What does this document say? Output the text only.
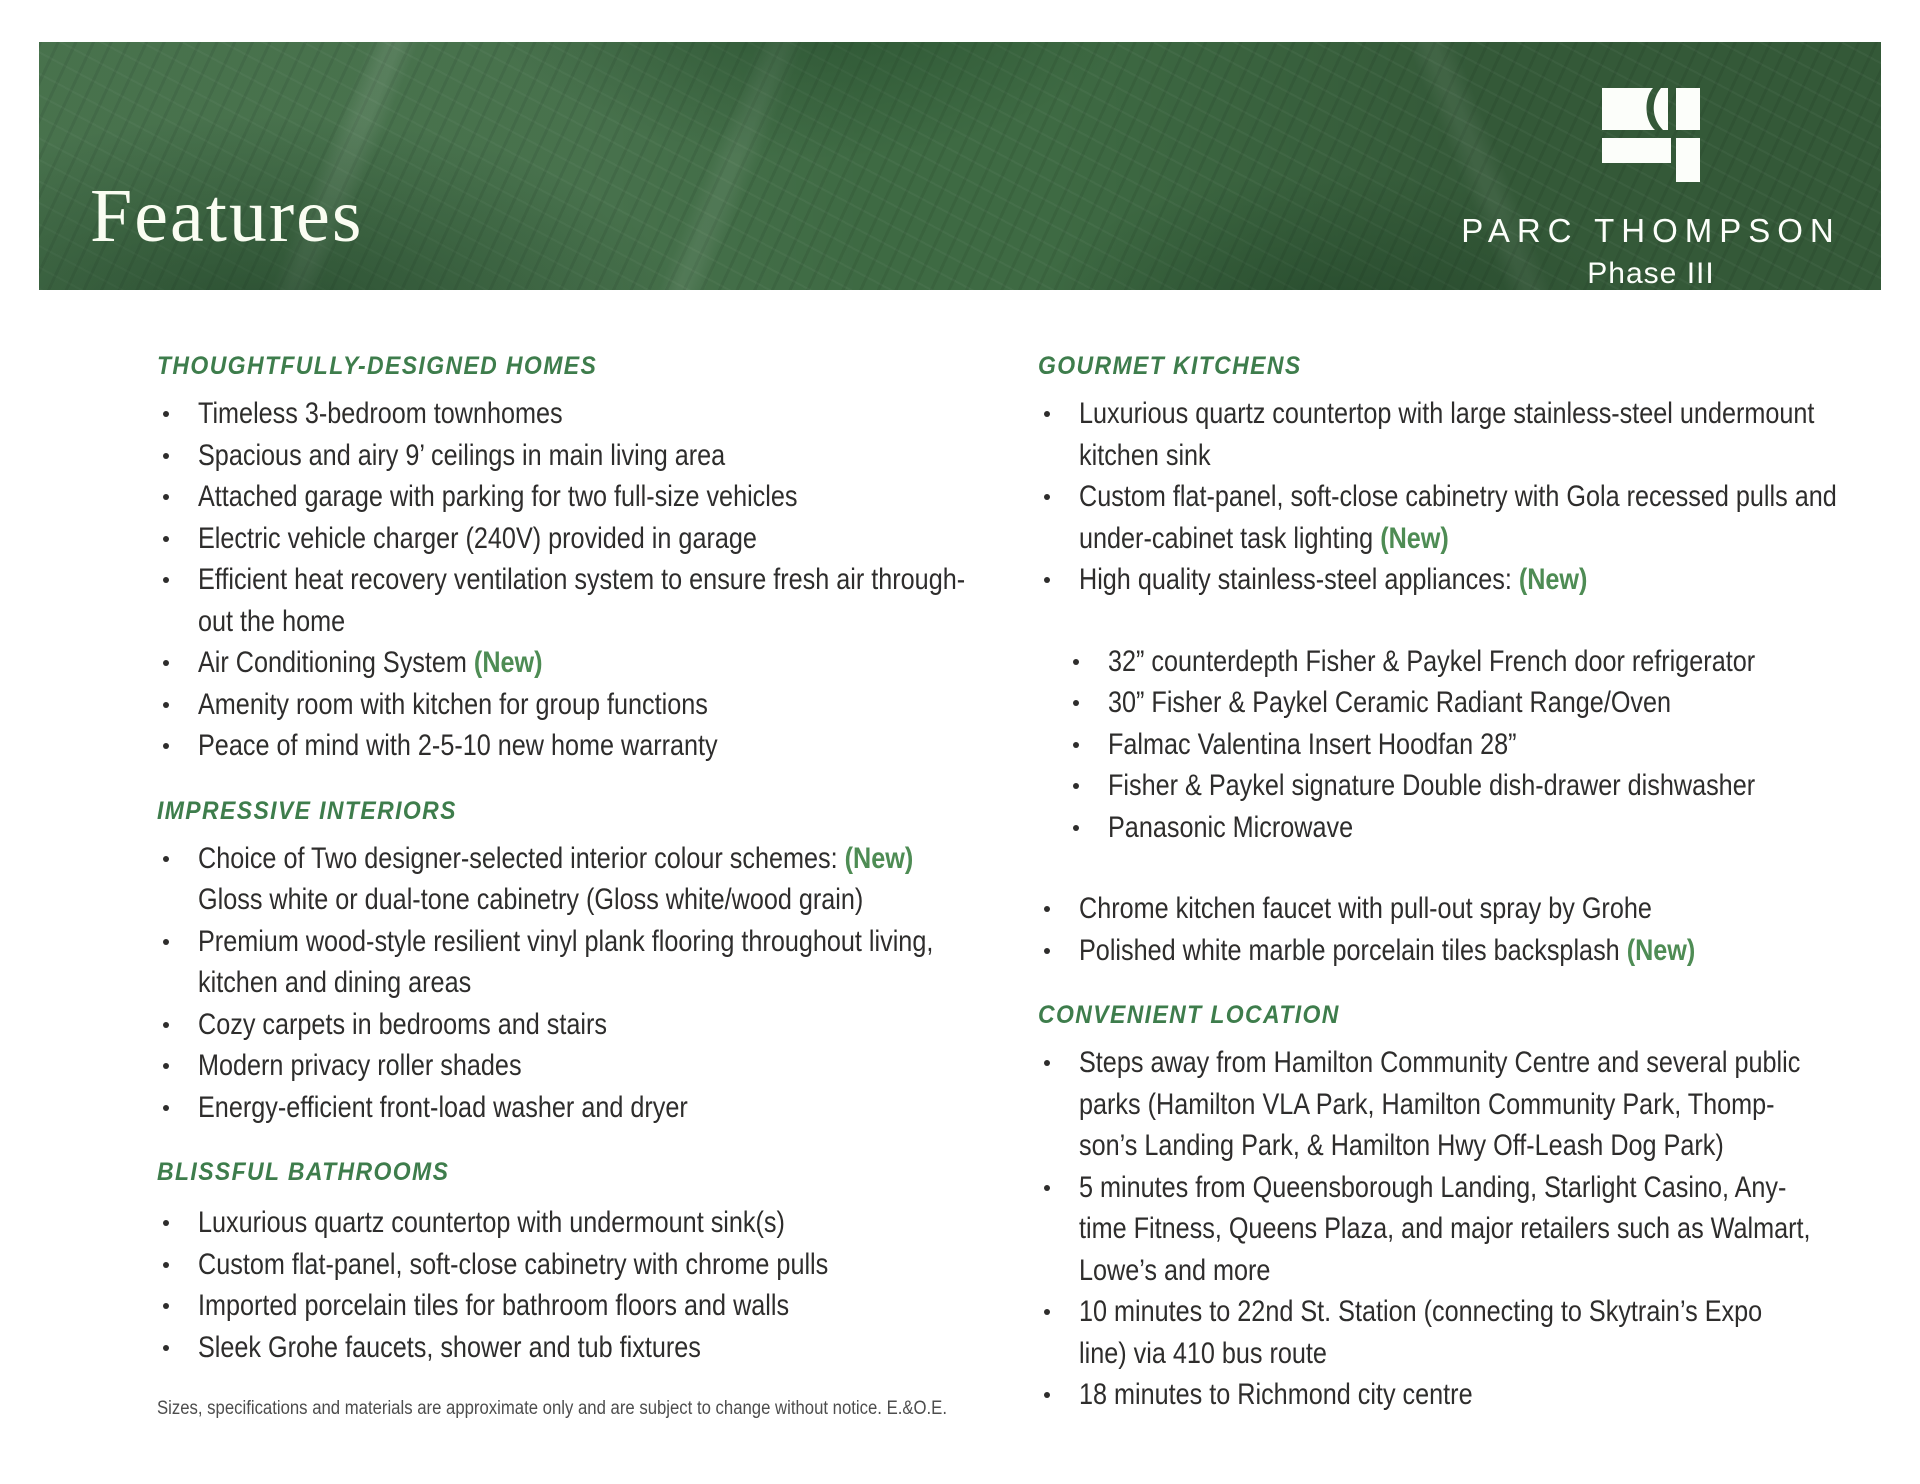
Features	PARC THOMPSON
Phase III
THOUGHTFULLY-DESIGNED HOMES
Timeless 3-bedroom townhomes
Spacious and airy 9’ ceilings in main living area
Attached garage with parking for two full-size vehicles
Electric vehicle charger (240V) provided in garage
Efficient heat recovery ventilation system to ensure fresh air through-
out the home
Air Conditioning System (New)
Amenity room with kitchen for group functions
Peace of mind with 2-5-10 new home warranty
IMPRESSIVE INTERIORS
Choice of Two designer-selected interior colour schemes: (New)
Gloss white or dual-tone cabinetry (Gloss white/wood grain)
Premium wood-style resilient vinyl plank flooring throughout living,
kitchen and dining areas
Cozy carpets in bedrooms and stairs
Modern privacy roller shades
Energy-efficient front-load washer and dryer
BLISSFUL BATHROOMS
Luxurious quartz countertop with undermount sink(s)
Custom flat-panel, soft-close cabinetry with chrome pulls
Imported porcelain tiles for bathroom floors and walls
Sleek Grohe faucets, shower and tub fixtures
GOURMET KITCHENS
Luxurious quartz countertop with large stainless-steel undermount
kitchen sink
Custom flat-panel, soft-close cabinetry with Gola recessed pulls and
under-cabinet task lighting (New)
High quality stainless-steel appliances: (New)
32” counterdepth Fisher & Paykel French door refrigerator
30” Fisher & Paykel Ceramic Radiant Range/Oven
Falmac Valentina Insert Hoodfan 28”
Fisher & Paykel signature Double dish-drawer dishwasher
Panasonic Microwave
Chrome kitchen faucet with pull-out spray by Grohe
Polished white marble porcelain tiles backsplash (New)
CONVENIENT LOCATION
Steps away from Hamilton Community Centre and several public
parks (Hamilton VLA Park, Hamilton Community Park, Thomp-
son’s Landing Park, & Hamilton Hwy Off-Leash Dog Park)
5 minutes from Queensborough Landing, Starlight Casino, Any-
time Fitness, Queens Plaza, and major retailers such as Walmart,
Lowe’s and more
10 minutes to 22nd St. Station (connecting to Skytrain’s Expo
line) via 410 bus route
18 minutes to Richmond city centre
Sizes, specifications and materials are approximate only and are subject to change without notice. E.&O.E.
